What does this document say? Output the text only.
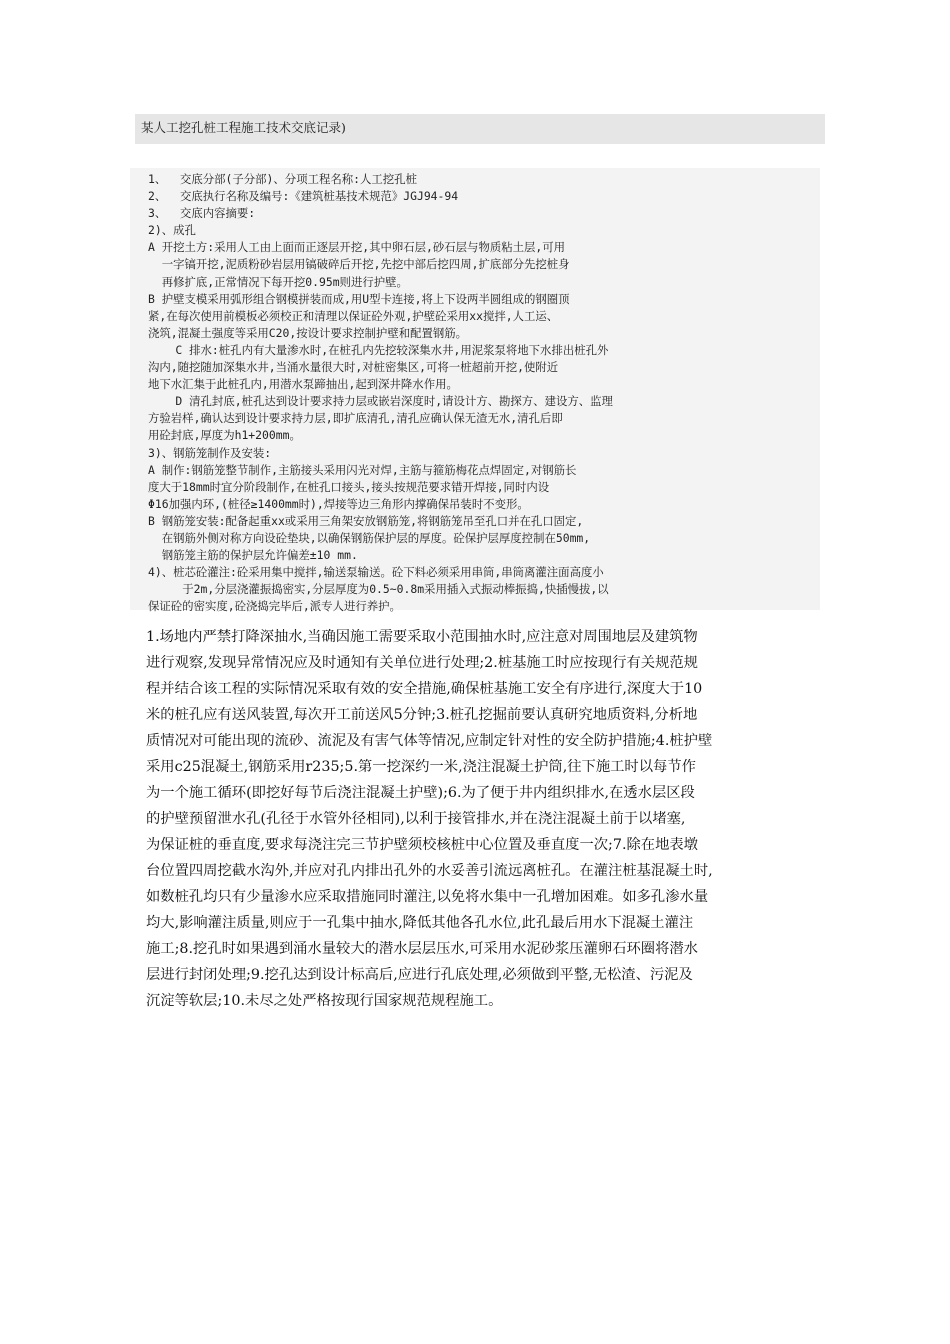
某人工挖孔桩工程施工技术交底记录)
1、  交底分部(子分部)、分项工程名称:人工挖孔桩
2、  交底执行名称及编号:《建筑桩基技术规范》JGJ94-94
3、  交底内容摘要:
2)、成孔
A 开挖土方:采用人工由上面而正逐层开挖,其中卵石层,砂石层与物质粘土层,可用
一字镐开挖,泥质粉砂岩层用镐破碎后开挖,先挖中部后挖四周,扩底部分先挖桩身
再修扩底,正常情况下每开挖0.95m则进行护壁。
B 护壁支模采用弧形组合钢模拼装而成,用U型卡连接,将上下设两半圆组成的钢圈顶
紧,在每次使用前模板必须校正和清理以保证砼外观,护壁砼采用xx搅拌,人工运、
浇筑,混凝土强度等采用C20,按设计要求控制护壁和配置钢筋。
C 排水:桩孔内有大量渗水时,在桩孔内先挖较深集水井,用泥浆泵将地下水排出桩孔外
沟内,随挖随加深集水井,当涌水量很大时,对桩密集区,可将一桩超前开挖,使附近
地下水汇集于此桩孔内,用潜水泵蹄抽出,起到深井降水作用。
D 清孔封底,桩孔达到设计要求持力层或嵌岩深度时,请设计方、勘探方、建设方、监理
方验岩样,确认达到设计要求持力层,即扩底清孔,清孔应确认保无渣无水,清孔后即
用砼封底,厚度为h1+200mm。
3)、钢筋笼制作及安装:
A 制作:钢筋笼整节制作,主筋接头采用闪光对焊,主筋与箍筋梅花点焊固定,对钢筋长
度大于18mm时宜分阶段制作,在桩孔口接头,接头按规范要求错开焊接,同时内设
Φ16加强内环,(桩径≥1400mm时),焊接等边三角形内撑确保吊装时不变形。
B 钢筋笼安装:配备起重xx或采用三角架安放钢筋笼,将钢筋笼吊至孔口并在孔口固定,
在钢筋外侧对称方向设砼垫块,以确保钢筋保护层的厚度。砼保护层厚度控制在50mm,
钢筋笼主筋的保护层允许偏差±10 mm.
4)、桩芯砼灌注:砼采用集中搅拌,输送泵输送。砼下料必须采用串筒,串筒离灌注面高度小
于2m,分层浇灌振捣密实,分层厚度为0.5~0.8m采用插入式振动棒振捣,快插慢拔,以
保证砼的密实度,砼浇捣完毕后,派专人进行养护。
1.场地内严禁打降深抽水,当确因施工需要采取小范围抽水时,应注意对周围地层及建筑物
进行观察,发现异常情况应及时通知有关单位进行处理;2.桩基施工时应按现行有关规范规
程并结合该工程的实际情况采取有效的安全措施,确保桩基施工安全有序进行,深度大于10
米的桩孔应有送风装置,每次开工前送风5分钟;3.桩孔挖掘前要认真研究地质资料,分析地
质情况对可能出现的流砂、流泥及有害气体等情况,应制定针对性的安全防护措施;4.桩护壁
采用c25混凝土,钢筋采用r235;5.第一挖深约一米,浇注混凝土护筒,往下施工时以每节作
为一个施工循环(即挖好每节后浇注混凝土护壁);6.为了便于井内组织排水,在透水层区段
的护壁预留泄水孔(孔径于水管外径相同),以利于接管排水,并在浇注混凝土前于以堵塞,
为保证桩的垂直度,要求每浇注完三节护壁须校核桩中心位置及垂直度一次;7.除在地表墩
台位置四周挖截水沟外,并应对孔内排出孔外的水妥善引流远离桩孔。在灌注桩基混凝土时,
如数桩孔均只有少量渗水应采取措施同时灌注,以免将水集中一孔增加困难。如多孔渗水量
均大,影响灌注质量,则应于一孔集中抽水,降低其他各孔水位,此孔最后用水下混凝土灌注
施工;8.挖孔时如果遇到涌水量较大的潜水层层压水,可采用水泥砂浆压灌卵石环圈将潜水
层进行封闭处理;9.挖孔达到设计标高后,应进行孔底处理,必须做到平整,无松渣、污泥及
沉淀等软层;10.未尽之处严格按现行国家规范规程施工。
